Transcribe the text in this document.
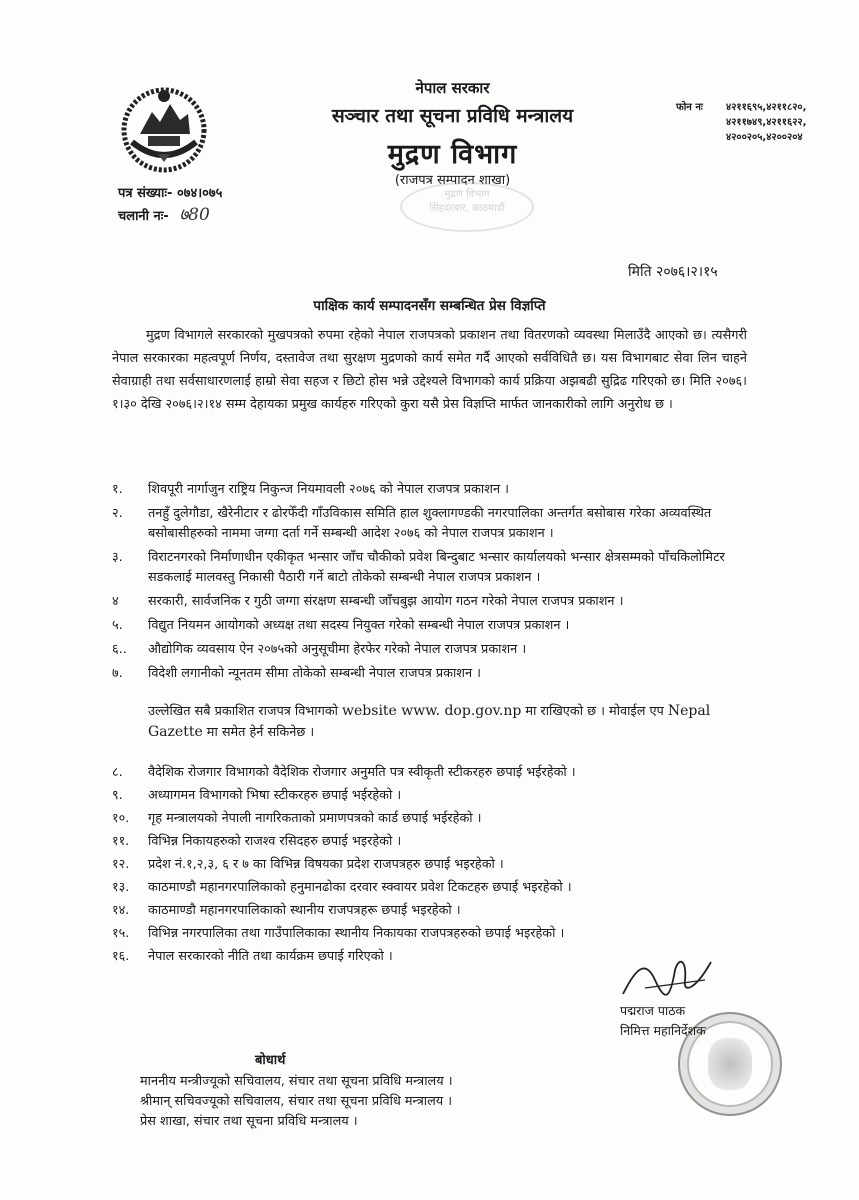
नेपाल सरकार
सञ्चार तथा सूचना प्रविधि मन्त्रालय
मुद्रण विभाग
(राजपत्र सम्पादन शाखा)
फोन नः ४२११६९५,४२११८२०,
४२११७४९,४२११६२२,
४२००२०५,४२००२०४
पत्र संख्याः- ०७४।०७५
चलानी नः- ७80
मुद्रण विभाग
सिंहदरबार, काठमाडौं
मिति २०७६।२।१५
पाक्षिक कार्य सम्पादनसँग सम्बन्धित प्रेस विज्ञप्ति

मुद्रण विभागले सरकारको मुखपत्रको रुपमा रहेको नेपाल राजपत्रको प्रकाशन तथा वितरणको व्यवस्था मिलाउँदै आएको छ। त्यसैगरी नेपाल सरकारका महत्वपूर्ण निर्णय, दस्तावेज तथा सुरक्षण मुद्रणको कार्य समेत गर्दै आएको सर्वविधितै छ। यस विभागबाट सेवा लिन चाहने सेवाग्राही तथा सर्वसाधारणलाई हाम्रो सेवा सहज र छिटो होस भन्ने उद्देश्यले विभागको कार्य प्रक्रिया अझबढी सुद्रिढ गरिएको छ। मिति २०७६।१।३० देखि २०७६।२।१४ सम्म देहायका प्रमुख कार्यहरु गरिएको कुरा यसै प्रेस विज्ञप्ति मार्फत जानकारीको लागि अनुरोध छ ।

१. शिवपूरी नार्गाजुन राष्ट्रिय निकुन्ज नियमावली २०७६ को नेपाल राजपत्र प्रकाशन ।
२. तनहुँ दुलेगौडा, खैरेनीटार र ढोरफेँदी गाँउविकास समिति हाल शुक्लागण्डकी नगरपालिका अन्तर्गत बसोबास गरेका अव्यवस्थित बसोबासीहरुको नाममा जग्गा दर्ता गर्ने सम्बन्धी आदेश २०७६ को नेपाल राजपत्र प्रकाशन ।
३. विराटनगरको निर्माणाधीन एकीकृत भन्सार जाँच चौकीको प्रवेश बिन्दुबाट भन्सार कार्यालयको भन्सार क्षेत्रसम्मको पाँचकिलोमिटर सडकलाई मालवस्तु निकासी पैठारी गर्ने बाटो तोकेको सम्बन्धी नेपाल राजपत्र प्रकाशन ।
४ सरकारी, सार्वजनिक र गुठी जग्गा संरक्षण सम्बन्धी जाँचबुझ आयोग गठन गरेको नेपाल राजपत्र प्रकाशन ।
५. विद्युत नियमन आयोगको अध्यक्ष तथा सदस्य नियुक्त गरेको सम्बन्धी नेपाल राजपत्र प्रकाशन ।
६.. औद्योगिक व्यवसाय ऐन २०७५को अनुसूचीमा हेरफेर गरेको नेपाल राजपत्र प्रकाशन ।
७. विदेशी लगानीको न्यूनतम सीमा तोकेको सम्बन्धी नेपाल राजपत्र प्रकाशन ।
उल्लेखित सबै प्रकाशित राजपत्र विभागको website www. dop.gov.np मा राखिएको छ । मोवाईल एप Nepal Gazette मा समेत हेर्न सकिनेछ ।
८. वैदेशिक रोजगार विभागको वैदेशिक रोजगार अनुमति पत्र स्वीकृती स्टीकरहरु छपाई भईरहेको ।
९. अध्यागमन विभागको भिषा स्टीकरहरु छपाई भईरहेको ।
१०. गृह मन्त्रालयको नेपाली नागरिकताको प्रमाणपत्रको कार्ड छपाई भईरहेको ।
११. विभिन्न निकायहरुको राजश्व रसिदहरु छपाई भइरहेको ।
१२. प्रदेश नं.१,२,३, ६ र ७ का विभिन्न विषयका प्रदेश राजपत्रहरु छपाई भइरहेको ।
१३. काठमाण्डौ महानगरपालिकाको हनुमानढोका दरवार स्क्वायर प्रवेश टिकटहरु छपाई भइरहेको ।
१४. काठमाण्डौ महानगरपालिकाको स्थानीय राजपत्रहरू छपाई भइरहेको ।
१५. विभिन्न नगरपालिका तथा गाउँपालिकाका स्थानीय निकायका राजपत्रहरुको छपाई भइरहेको ।
१६. नेपाल सरकारको नीति तथा कार्यक्रम छपाई गरिएको ।
पद्मराज पाठक
निमित्त महानिर्देशक
बोधार्थ
माननीय मन्त्रीज्यूको सचिवालय, संचार तथा सूचना प्रविधि मन्त्रालय ।
श्रीमान् सचिवज्यूको सचिवालय, संचार तथा सूचना प्रविधि मन्त्रालय ।
प्रेस शाखा, संचार तथा सूचना प्रविधि मन्त्रालय ।
